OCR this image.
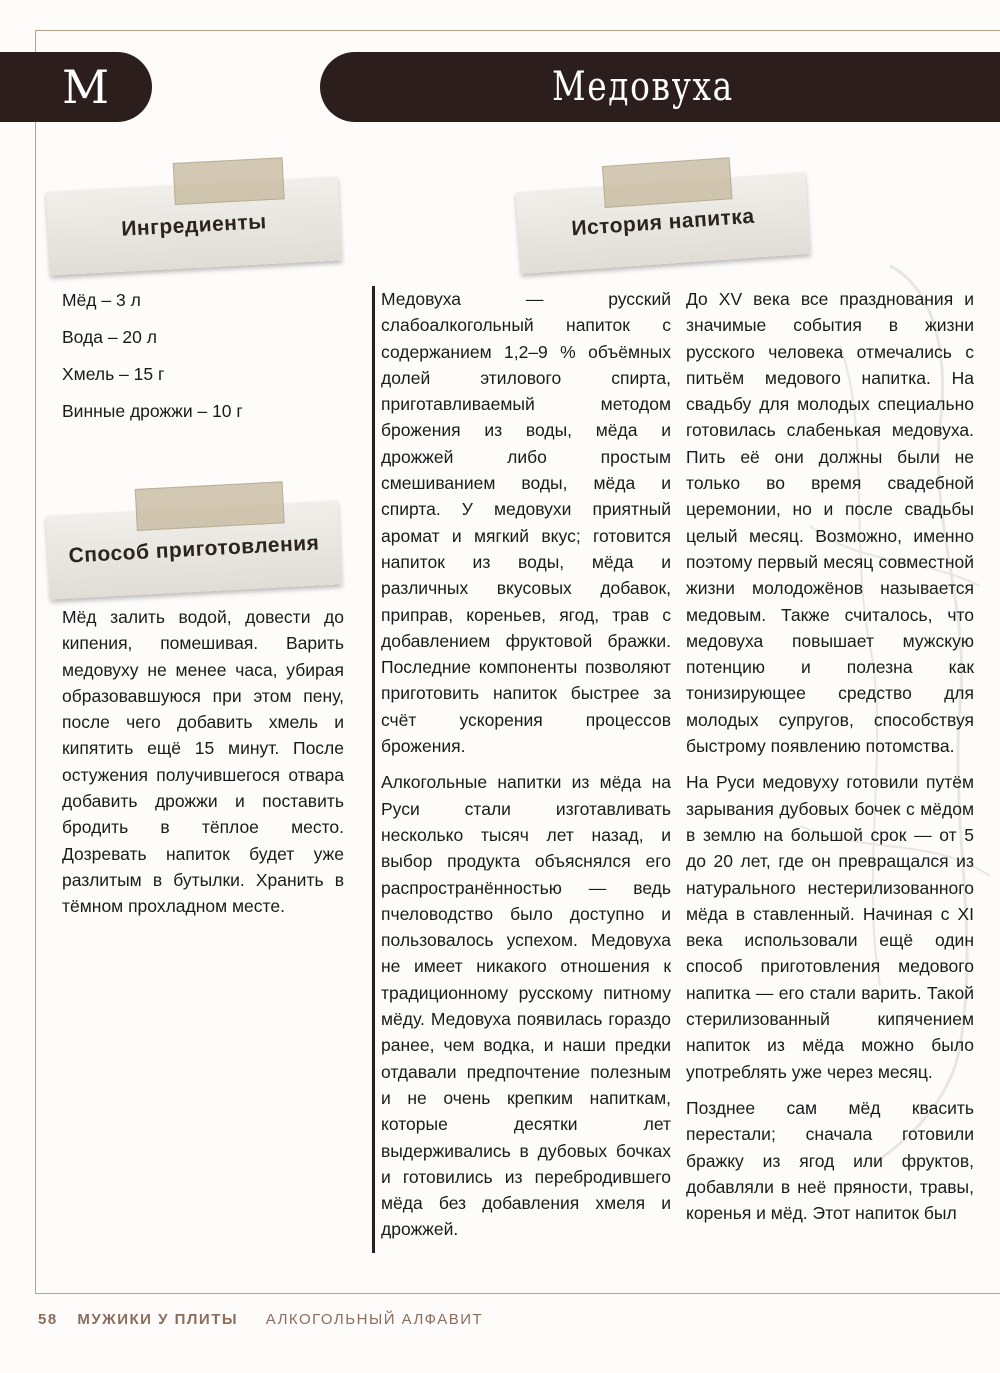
М	Медовуха
Ингредиенты	История напитка
Мёд – 3 л
Вода – 20 л
Хмель – 15 г
Винные дрожжи – 10 г
Способ приготовления

Мёд залить водой, довести до кипения, помешивая. Варить медовуху не менее часа, убирая образовавшуюся при этом пену, после чего добавить хмель и кипятить ещё 15 минут. После остужения получившегося отвара добавить дрожжи и поставить бродить в тёплое место. Дозревать напиток будет уже разлитым в бутылки. Хранить в тёмном прохладном месте.

Медовуха — русский слабоалкогольный напиток с содержанием 1,2–9 % объёмных долей этилового спирта, приготавливаемый методом брожения из воды, мёда и дрожжей либо простым смешиванием воды, мёда и спирта. У медовухи приятный аромат и мягкий вкус; готовится напиток из воды, мёда и различных вкусовых добавок, приправ, кореньев, ягод, трав с добавлением фруктовой бражки. Последние компоненты позволяют приготовить напиток быстрее за счёт ускорения процессов брожения.

Алкогольные напитки из мёда на Руси стали изготавливать несколько тысяч лет назад, и выбор продукта объяснялся его распространённостью — ведь пчеловодство было доступно и пользовалось успехом. Медовуха не имеет никакого отношения к традиционному русскому питному мёду. Медовуха появилась гораздо ранее, чем водка, и наши предки отдавали предпочтение полезным и не очень крепким напиткам, которые десятки лет выдерживались в дубовых бочках и готовились из перебродившего мёда без добавления хмеля и дрожжей.

До XV века все празднования и значимые события в жизни русского человека отмечались с питьём медового напитка. На свадьбу для молодых специально готовилась слабенькая медовуха. Пить её они должны были не только во время свадебной церемонии, но и после свадьбы целый месяц. Возможно, именно поэтому первый месяц совместной жизни молодожёнов называется медовым. Также считалось, что медовуха повышает мужскую потенцию и полезна как тонизирующее средство для молодых супругов, способствуя быстрому появлению потомства.

На Руси медовуху готовили путём зарывания дубовых бочек с мёдом в землю на большой срок — от 5 до 20 лет, где он превращался из натурального нестерилизованного мёда в ставленный. Начиная с XI века использовали ещё один способ приготовления медового напитка — его стали варить. Такой стерилизованный кипячением напиток из мёда можно было употреблять уже через месяц.

Позднее сам мёд квасить перестали; сначала готовили бражку из ягод или фруктов, добавляли в неё пряности, травы, коренья и мёд. Этот напиток был

58 МУЖИКИ У ПЛИТЫ АЛКОГОЛЬНЫЙ АЛФАВИТ
